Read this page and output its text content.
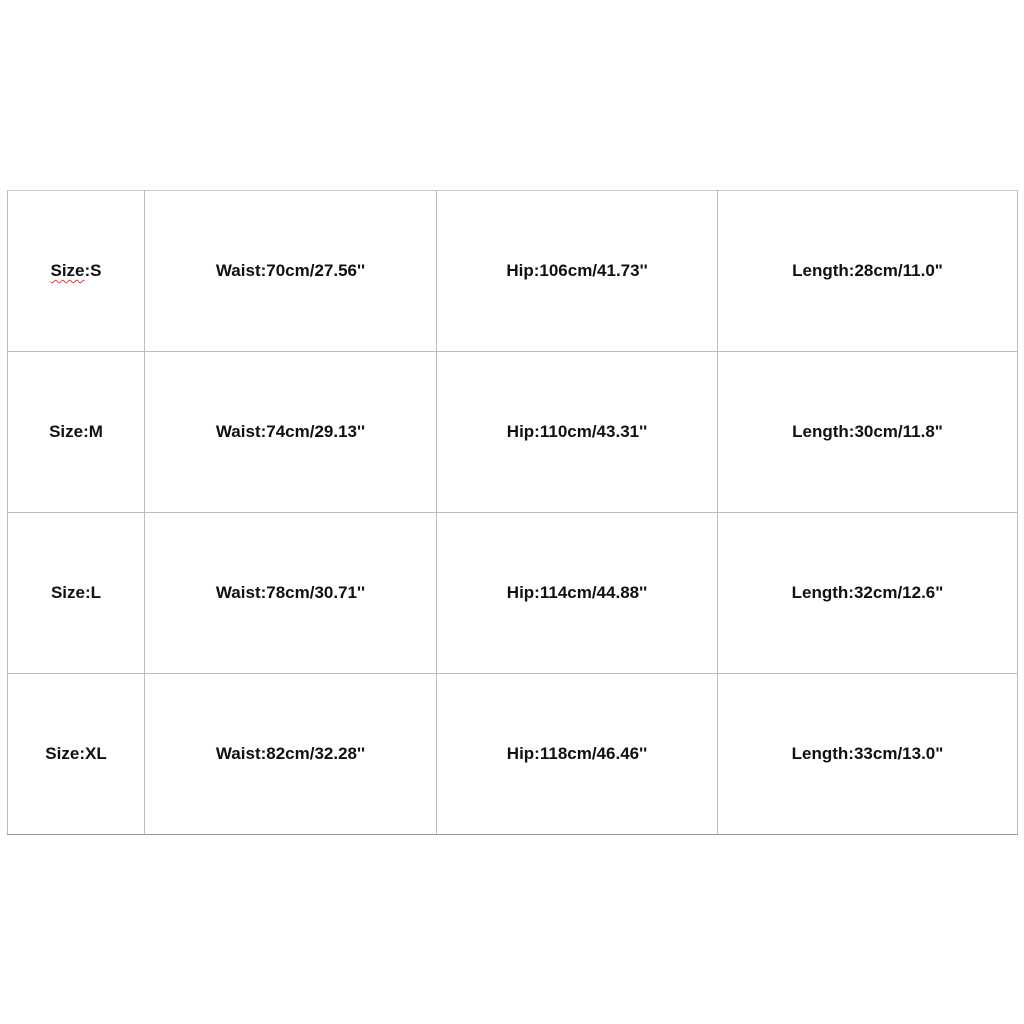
Size:S	Waist:70cm/27.56''	Hip:106cm/41.73''	Length:28cm/11.0"
Size:M	Waist:74cm/29.13''	Hip:110cm/43.31''	Length:30cm/11.8"
Size:L	Waist:78cm/30.71''	Hip:114cm/44.88''	Length:32cm/12.6"
Size:XL	Waist:82cm/32.28''	Hip:118cm/46.46''	Length:33cm/13.0"
